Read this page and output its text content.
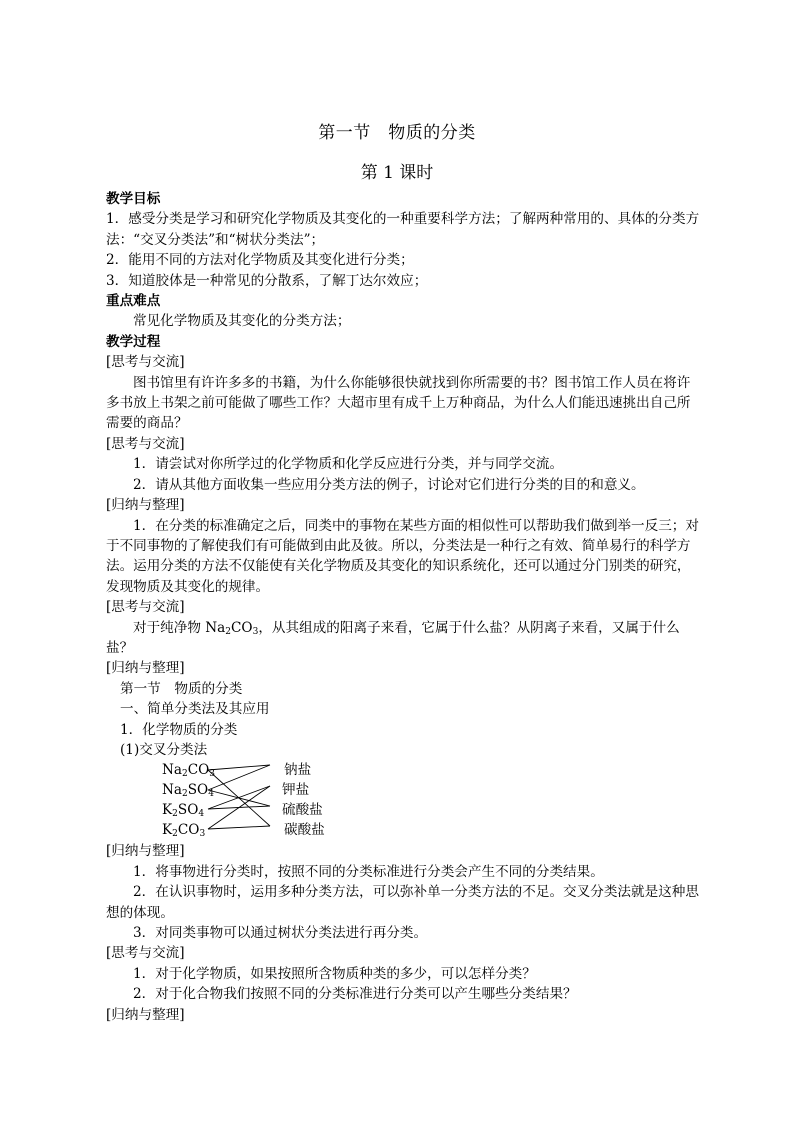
第一节　物质的分类
第 1 课时

教学目标

1．感受分类是学习和研究化学物质及其变化的一种重要科学方法；了解两种常用的、具体的分类方法：“交叉分类法”和“树状分类法”；

2．能用不同的方法对化学物质及其变化进行分类；

3．知道胶体是一种常见的分散系，了解丁达尔效应；

重点难点

常见化学物质及其变化的分类方法；

教学过程

[思考与交流]

图书馆里有许许多多的书籍，为什么你能够很快就找到你所需要的书？图书馆工作人员在将许多书放上书架之前可能做了哪些工作？大超市里有成千上万种商品，为什么人们能迅速挑出自己所需要的商品？

[思考与交流]

1．请尝试对你所学过的化学物质和化学反应进行分类，并与同学交流。

2．请从其他方面收集一些应用分类方法的例子，讨论对它们进行分类的目的和意义。

[归纳与整理]

1．在分类的标准确定之后，同类中的事物在某些方面的相似性可以帮助我们做到举一反三；对于不同事物的了解使我们有可能做到由此及彼。所以，分类法是一种行之有效、简单易行的科学方法。运用分类的方法不仅能使有关化学物质及其变化的知识系统化，还可以通过分门别类的研究，发现物质及其变化的规律。

[思考与交流]

对于纯净物 $Na_2CO_3$，从其组成的阳离子来看，它属于什么盐？从阴离子来看，又属于什么盐？

[归纳与整理]

第一节　物质的分类

一、简单分类法及其应用

1．化学物质的分类

(1)交叉分类法

$Na_2CO_3$
$Na_2SO_4$
$K_2SO_4$
$K_2CO_3$
钠盐
钾盐
硫酸盐
碳酸盐

[归纳与整理]

1．将事物进行分类时，按照不同的分类标准进行分类会产生不同的分类结果。

2．在认识事物时，运用多种分类方法，可以弥补单一分类方法的不足。交叉分类法就是这种思想的体现。

3．对同类事物可以通过树状分类法进行再分类。

[思考与交流]

1．对于化学物质，如果按照所含物质种类的多少，可以怎样分类？

2．对于化合物我们按照不同的分类标准进行分类可以产生哪些分类结果？

[归纳与整理]
